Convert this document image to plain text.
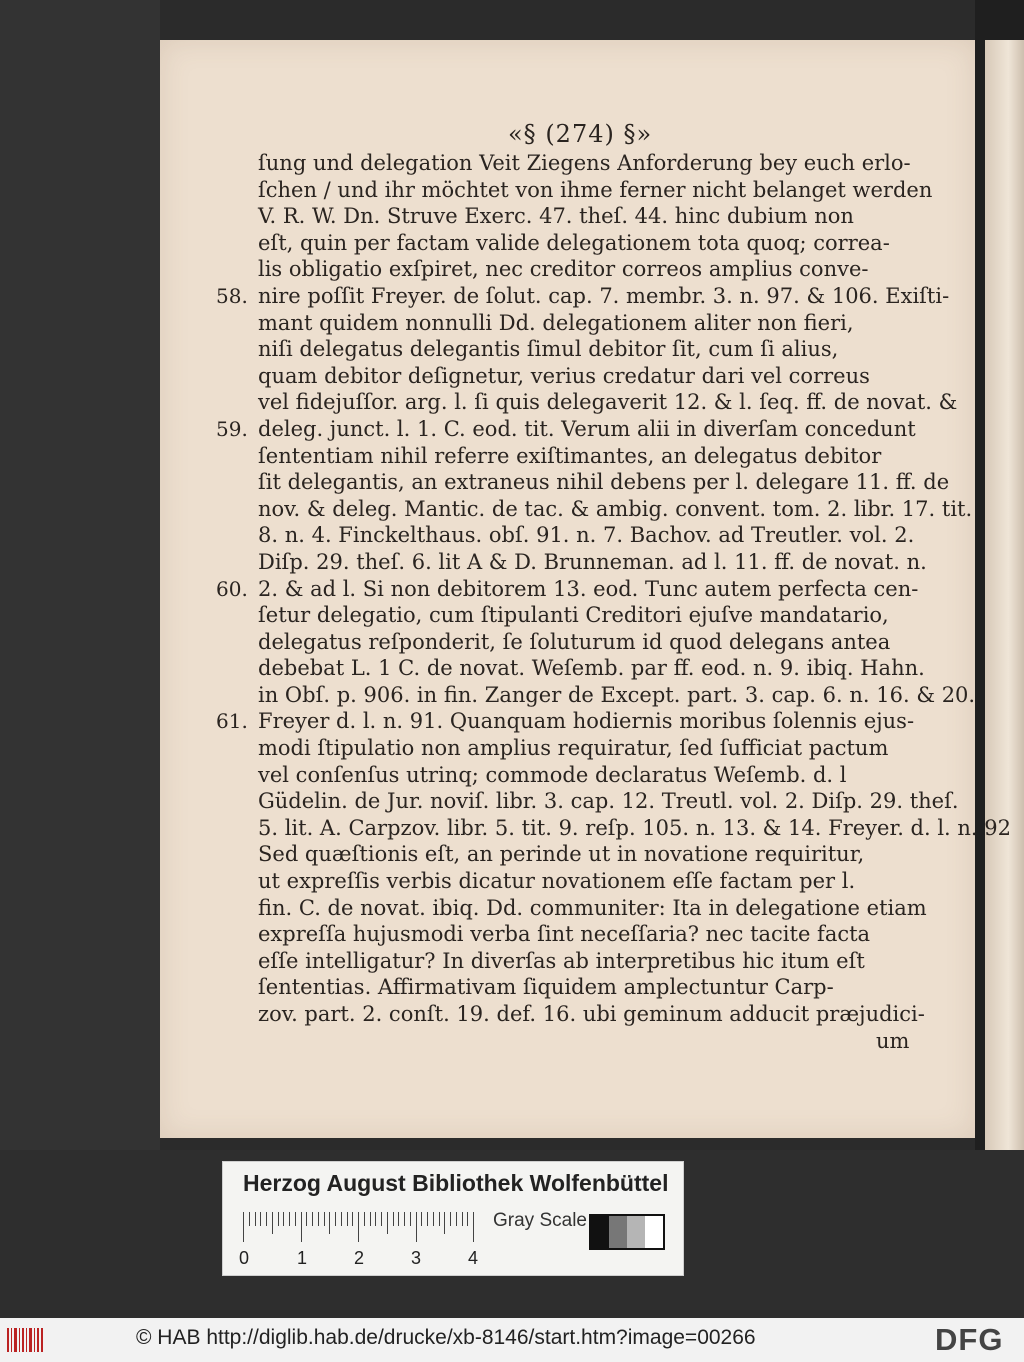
«§ (274) §»
ſung und delegation Veit Ziegens Anforderung bey euch erlo-
ſchen / und ihr möchtet von ihme ferner nicht belanget werden
V. R. W. Dn. Struve Exerc. 47. theſ. 44. hinc dubium non
eſt, quin per factam valide delegationem tota quoq; correa-
lis obligatio exſpiret, nec creditor correos amplius conve-
58. nire poſſit Freyer. de ſolut. cap. 7. membr. 3. n. 97. & 106. Exiſti-
mant quidem nonnulli Dd. delegationem aliter non fieri,
niſi delegatus delegantis ſimul debitor ſit, cum ſi alius,
quam debitor deſignetur, verius credatur dari vel correus
vel fidejuſſor. arg. l. ſi quis delegaverit 12. & l. ſeq. ff. de novat. &
59. deleg. junct. l. 1. C. eod. tit. Verum alii in diverſam concedunt
ſententiam nihil referre exiſtimantes, an delegatus debitor
ſit delegantis, an extraneus nihil debens per l. delegare 11. ff. de
nov. & deleg. Mantic. de tac. & ambig. convent. tom. 2. libr. 17. tit.
8. n. 4. Finckelthaus. obſ. 91. n. 7. Bachov. ad Treutler. vol. 2.
Diſp. 29. theſ. 6. lit A & D. Brunneman. ad l. 11. ff. de novat. n.
60. 2. & ad l. Si non debitorem 13. eod. Tunc autem perfecta cen-
ſetur delegatio, cum ſtipulanti Creditori ejuſve mandatario,
delegatus reſponderit, ſe ſoluturum id quod delegans antea
debebat L. 1 C. de novat. Weſemb. par ff. eod. n. 9. ibiq. Hahn.
in Obſ. p. 906. in fin. Zanger de Except. part. 3. cap. 6. n. 16. & 20.
61. Freyer d. l. n. 91. Quanquam hodiernis moribus ſolennis ejus-
modi ſtipulatio non amplius requiratur, ſed ſufficiat pactum
vel conſenſus utrinq; commode declaratus Weſemb. d. l
Güdelin. de Jur. noviſ. libr. 3. cap. 12. Treutl. vol. 2. Diſp. 29. theſ.
5. lit. A. Carpzov. libr. 5. tit. 9. reſp. 105. n. 13. & 14. Freyer. d. l. n. 92
Sed quæſtionis eſt, an perinde ut in novatione requiritur,
ut expreſſis verbis dicatur novationem eſſe factam per l.
fin. C. de novat. ibiq. Dd. communiter: Ita in delegatione etiam
expreſſa hujusmodi verba ſint neceſſaria? nec tacite facta
eſſe intelligatur? In diverſas ab interpretibus hic itum eſt
ſententias. Affirmativam ſiquidem amplectuntur Carp-
zov. part. 2. conſt. 19. def. 16. ubi geminum adducit præjudici-
um
Herzog August Bibliothek Wolfenbüttel
0	1	2	3	4
Gray Scale
© HAB http://diglib.hab.de/drucke/xb-8146/start.htm?image=00266	DFG
